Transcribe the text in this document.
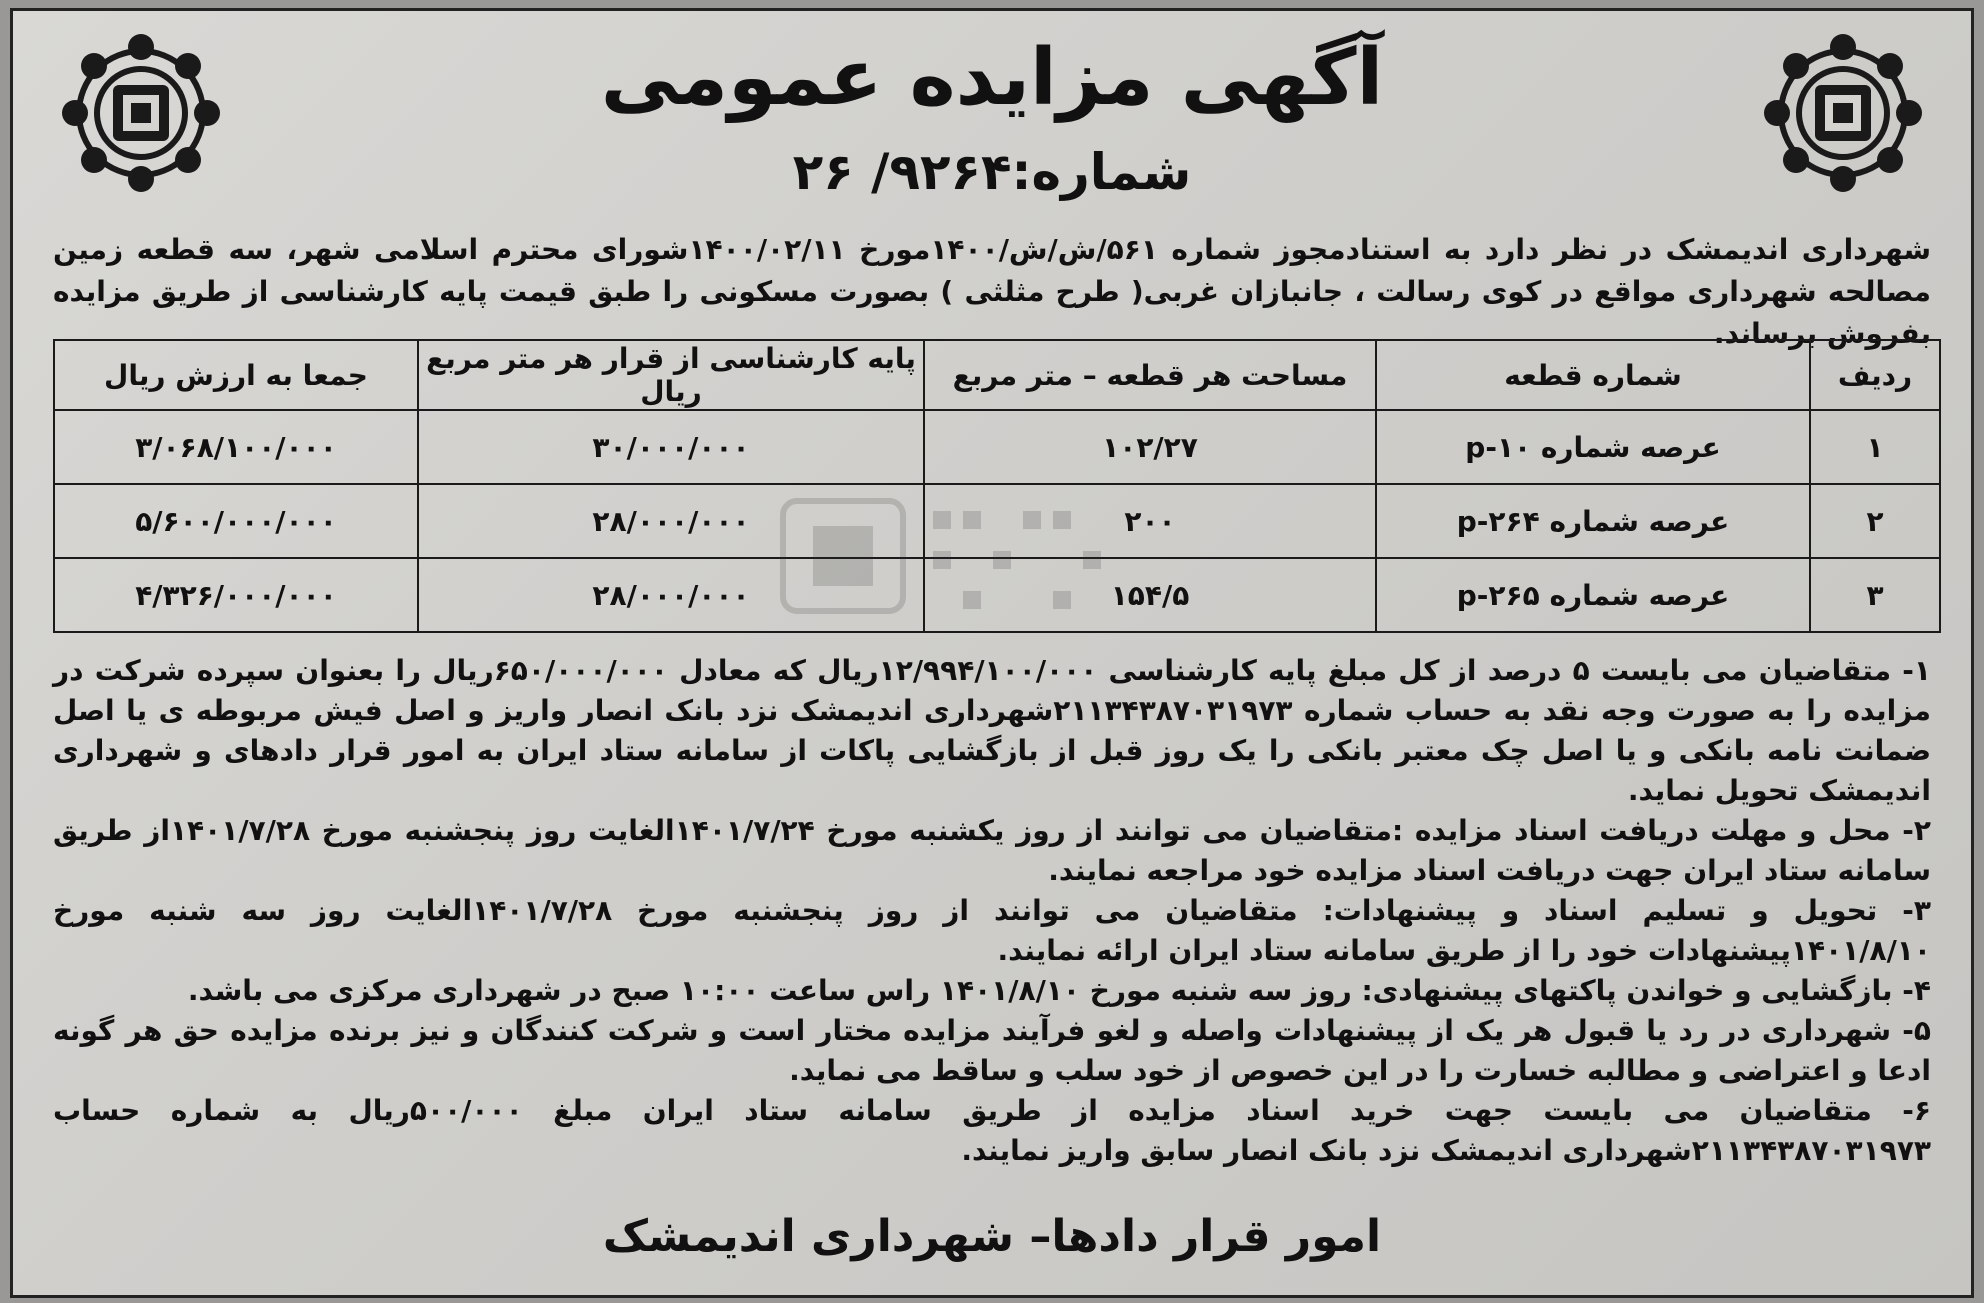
آگهی مزایده عمومی
شماره:۹۲۶۴/ ۲۶
شهرداری اندیمشک در نظر دارد به استنادمجوز شماره ۵۶۱/ش/ش/۱۴۰۰مورخ ۱۴۰۰/۰۲/۱۱شورای محترم اسلامی شهر، سه قطعه زمین مصالحه شهرداری مواقع در کوی رسالت ، جانبازان غربی( طرح مثلثی ) بصورت مسکونی را طبق قیمت پایه کارشناسی از طریق مزایده بفروش برساند.
ردیف	شماره قطعه	مساحت هر قطعه – متر مربع	پایه کارشناسی از قرار هر متر مربع ریال	جمعا به ارزش ریال
۱	عرصه شماره ۱۰-p	۱۰۲/۲۷	۳۰/۰۰۰/۰۰۰	۳/۰۶۸/۱۰۰/۰۰۰
۲	عرصه شماره ۲۶۴-p	۲۰۰	۲۸/۰۰۰/۰۰۰	۵/۶۰۰/۰۰۰/۰۰۰
۳	عرصه شماره ۲۶۵-p	۱۵۴/۵	۲۸/۰۰۰/۰۰۰	۴/۳۲۶/۰۰۰/۰۰۰

۱- متقاضیان می بایست ۵ درصد از کل مبلغ پایه کارشناسی ۱۲/۹۹۴/۱۰۰/۰۰۰ریال که معادل ۶۵۰/۰۰۰/۰۰۰ریال را بعنوان سپرده شرکت در مزایده را به صورت وجه نقد به حساب شماره ۲۱۱۳۴۳۸۷۰۳۱۹۷۳شهرداری اندیمشک نزد بانک انصار واریز و اصل فیش مربوطه ی یا اصل ضمانت نامه بانکی و یا اصل چک معتبر بانکی را یک روز قبل از بازگشایی پاکات از سامانه ستاد ایران به امور قرار دادهای و شهرداری اندیمشک تحویل نماید.

۲- محل و مهلت دریافت اسناد مزایده :متقاضیان می توانند از روز یکشنبه مورخ ۱۴۰۱/۷/۲۴الغایت روز پنجشنبه مورخ ۱۴۰۱/۷/۲۸از طریق سامانه ستاد ایران جهت دریافت اسناد مزایده خود مراجعه نمایند.

۳- تحویل و تسلیم اسناد و پیشنهادات: متقاضیان می توانند از روز پنجشنبه مورخ ۱۴۰۱/۷/۲۸الغایت روز سه شنبه مورخ ۱۴۰۱/۸/۱۰پیشنهادات خود را از طریق سامانه ستاد ایران ارائه نمایند.

۴- بازگشایی و خواندن پاکتهای پیشنهادی: روز سه شنبه مورخ ۱۴۰۱/۸/۱۰ راس ساعت ۱۰:۰۰ صبح در شهرداری مرکزی می باشد.

۵- شهرداری در رد یا قبول هر یک از پیشنهادات واصله و لغو فرآیند مزایده مختار است و شرکت کنندگان و نیز برنده مزایده حق هر گونه ادعا و اعتراضی و مطالبه خسارت را در این خصوص از خود سلب و ساقط می نماید.

۶- متقاضیان می بایست جهت خرید اسناد مزایده از طریق سامانه ستاد ایران مبلغ ۵۰۰/۰۰۰ریال به شماره حساب ۲۱۱۳۴۳۸۷۰۳۱۹۷۳شهرداری اندیمشک نزد بانک انصار سابق واریز نمایند.

امور قرار دادها– شهرداری اندیمشک
